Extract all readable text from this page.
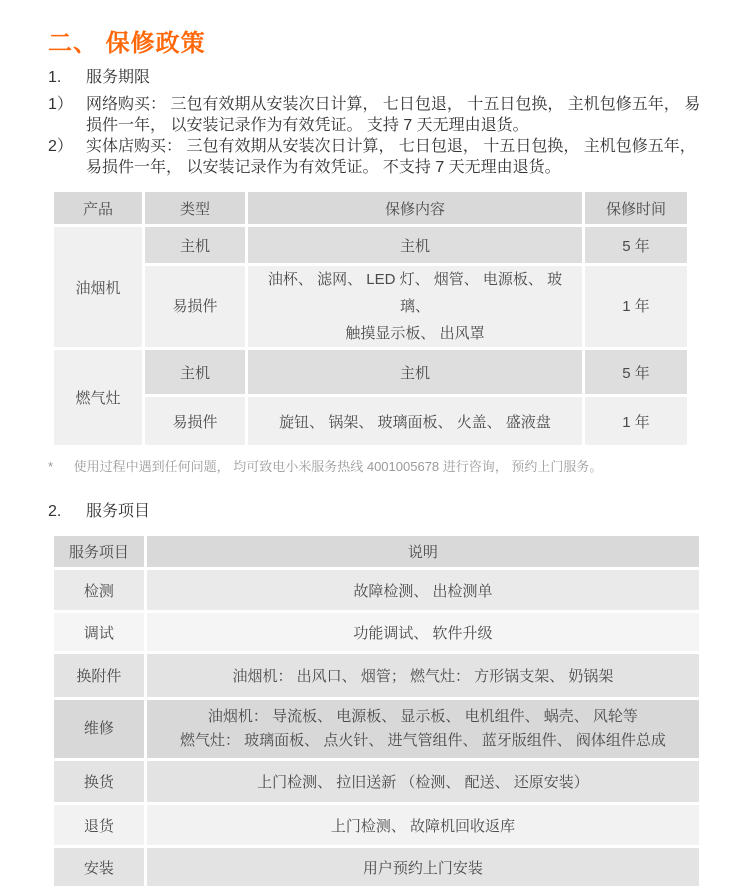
二、 保修政策
1.	服务期限
1） 网络购买： 三包有效期从安装次日计算， 七日包退， 十五日包换， 主机包修五年， 易损件一年， 以安装记录作为有效凭证。 支持 7 天无理由退货。
2） 实体店购买： 三包有效期从安装次日计算， 七日包退， 十五日包换， 主机包修五年， 易损件一年， 以安装记录作为有效凭证。 不支持 7 天无理由退货。
产品	类型	保修内容	保修时间
油烟机	主机	主机	5 年
	易损件	油杯、 滤网、 LED 灯、 烟管、 电源板、 玻璃、
触摸显示板、 出风罩	1 年
燃气灶	主机	主机	5 年
	易损件	旋钮、 锅架、 玻璃面板、 火盖、 盛液盘	1 年

* 使用过程中遇到任何问题， 均可致电小米服务热线 4001005678 进行咨询， 预约上门服务。

2.	服务项目
服务项目	说明
检测	故障检测、 出检测单
调试	功能调试、 软件升级
换附件	油烟机： 出风口、 烟管； 燃气灶： 方形锅支架、 奶锅架
维修	油烟机： 导流板、 电源板、 显示板、 电机组件、 蜗壳、 风轮等
燃气灶： 玻璃面板、 点火针、 进气管组件、 蓝牙版组件、 阀体组件总成

换货	上门检测、 拉旧送新 （检测、 配送、 还原安装）
退货	上门检测、 故障机回收返库
安装	用户预约上门安装
